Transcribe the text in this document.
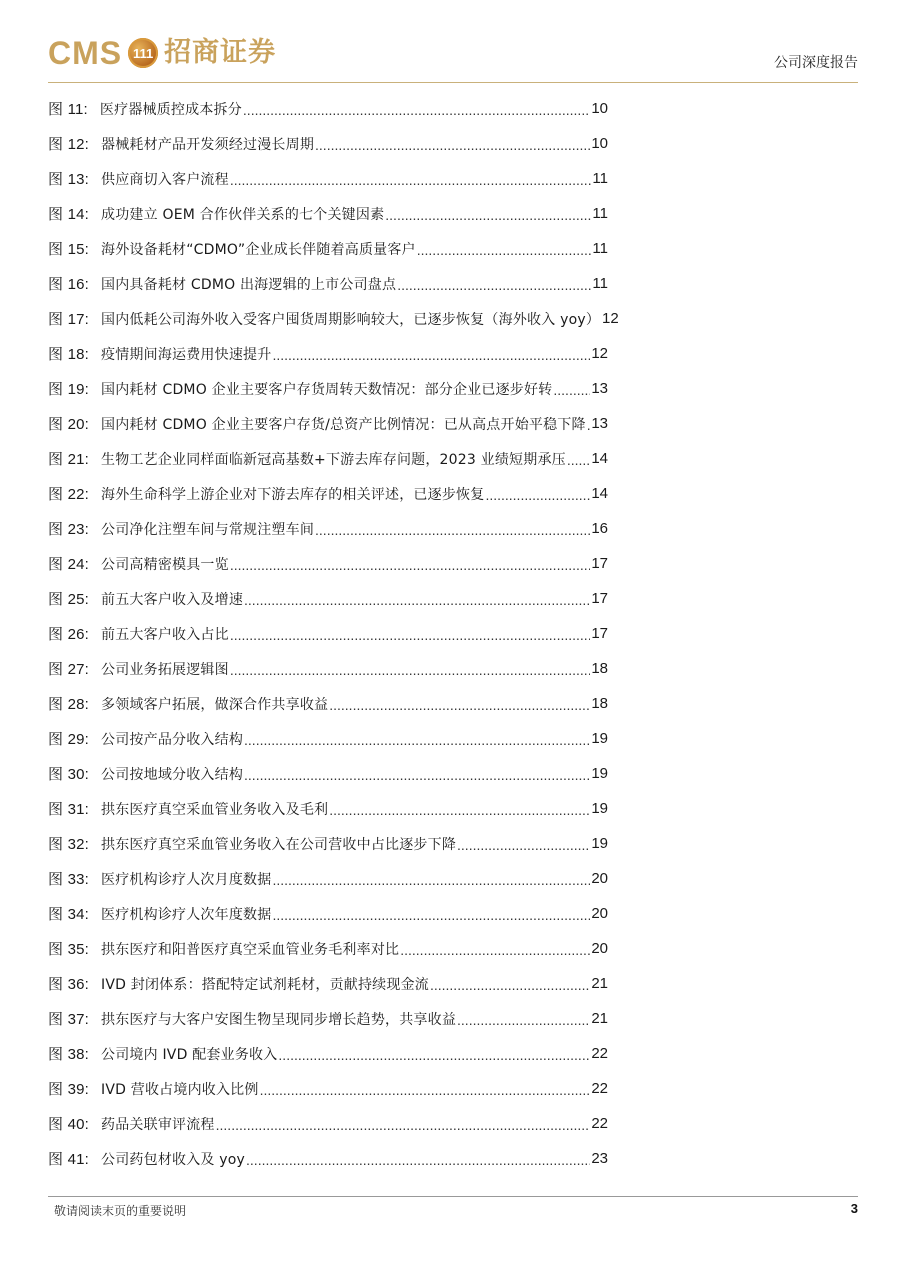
CMS 111 招商证券	公司深度报告
图 11: 医疗器械质控成本拆分 .....	10
图 12: 器械耗材产品开发须经过漫长周期 .....	10
图 13: 供应商切入客户流程 .....	11
图 14: 成功建立 OEM 合作伙伴关系的七个关键因素 .....	11
图 15: 海外设备耗材“CDMO”企业成长伴随着高质量客户 .....	11
图 16: 国内具备耗材 CDMO 出海逻辑的上市公司盘点 .....	11
图 17: 国内低耗公司海外收入受客户囤货周期影响较大，已逐步恢复（海外收入 yoy） 12
图 18: 疫情期间海运费用快速提升 .....	12
图 19: 国内耗材 CDMO 企业主要客户存货周转天数情况：部分企业已逐步好转 .....	13
图 20: 国内耗材 CDMO 企业主要客户存货/总资产比例情况：已从高点开始平稳下降 ..... 13
图 21: 生物工艺企业同样面临新冠高基数+下游去库存问题，2023 业绩短期承压 ..... 14
图 22: 海外生命科学上游企业对下游去库存的相关评述，已逐步恢复 .....	14
图 23: 公司净化注塑车间与常规注塑车间 .....	16
图 24: 公司高精密模具一览 .....	17
图 25: 前五大客户收入及增速 .....	17
图 26: 前五大客户收入占比 .....	17
图 27: 公司业务拓展逻辑图 .....	18
图 28: 多领域客户拓展，做深合作共享收益 .....	18
图 29: 公司按产品分收入结构 .....	19
图 30: 公司按地域分收入结构 .....	19
图 31: 拱东医疗真空采血管业务收入及毛利 .....	19
图 32: 拱东医疗真空采血管业务收入在公司营收中占比逐步下降 .....	19
图 33: 医疗机构诊疗人次月度数据 .....	20
图 34: 医疗机构诊疗人次年度数据 .....	20
图 35: 拱东医疗和阳普医疗真空采血管业务毛利率对比 .....	20
图 36: IVD 封闭体系：搭配特定试剂耗材，贡献持续现金流 .....	21
图 37: 拱东医疗与大客户安图生物呈现同步增长趋势，共享收益 .....	21
图 38: 公司境内 IVD 配套业务收入 .....	22
图 39: IVD 营收占境内收入比例 .....	22
图 40: 药品关联审评流程 .....	22
图 41: 公司药包材收入及 yoy .....	23
敬请阅读末页的重要说明	3
